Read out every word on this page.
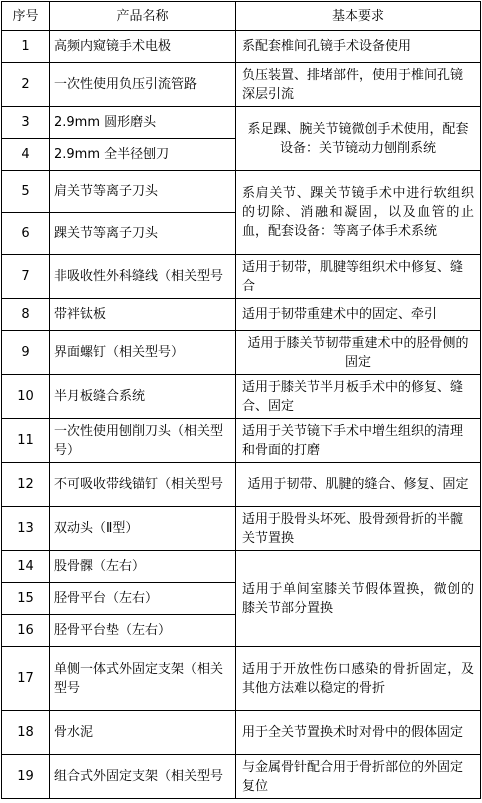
序号	产品名称	基本要求
1	高频内窥镜手术电极	系配套椎间孔镜手术设备使用
2	一次性使用负压引流管路	负压装置、排堵部件，使用于椎间孔镜深层引流
3	2.9mm 圆形磨头	系足踝、腕关节镜微创手术使用，配套设备：关节镜动力刨削系统
4	2.9mm 全半径刨刀	
5	肩关节等离子刀头	系肩关节、踝关节镜手术中进行软组织的切除、消融和凝固，以及血管的止血，配套设备：等离子体手术系统
6	踝关节等离子刀头	
7	非吸收性外科缝线（相关型号	适用于韧带，肌腱等组织术中修复、缝合
8	带袢钛板	适用于韧带重建术中的固定、牵引
9	界面螺钉（相关型号）	适用于膝关节韧带重建术中的胫骨侧的固定
10	半月板缝合系统	适用于膝关节半月板手术中的修复、缝合、固定
11	一次性使用刨削刀头（相关型号）	适用于关节镜下手术中增生组织的清理和骨面的打磨
12	不可吸收带线锚钉（相关型号	适用于韧带、肌腱的缝合、修复、固定
13	双动头（Ⅱ型）	适用于股骨头坏死、股骨颈骨折的半髋关节置换
14	股骨髁（左右）	适用于单间室膝关节假体置换，微创的膝关节部分置换
15	胫骨平台（左右）	
16	胫骨平台垫（左右）	
17	单侧一体式外固定支架（相关型号	适用于开放性伤口感染的骨折固定，及其他方法难以稳定的骨折
18	骨水泥	用于全关节置换术时对骨中的假体固定
19	组合式外固定支架（相关型号	与金属骨针配合用于骨折部位的外固定复位
